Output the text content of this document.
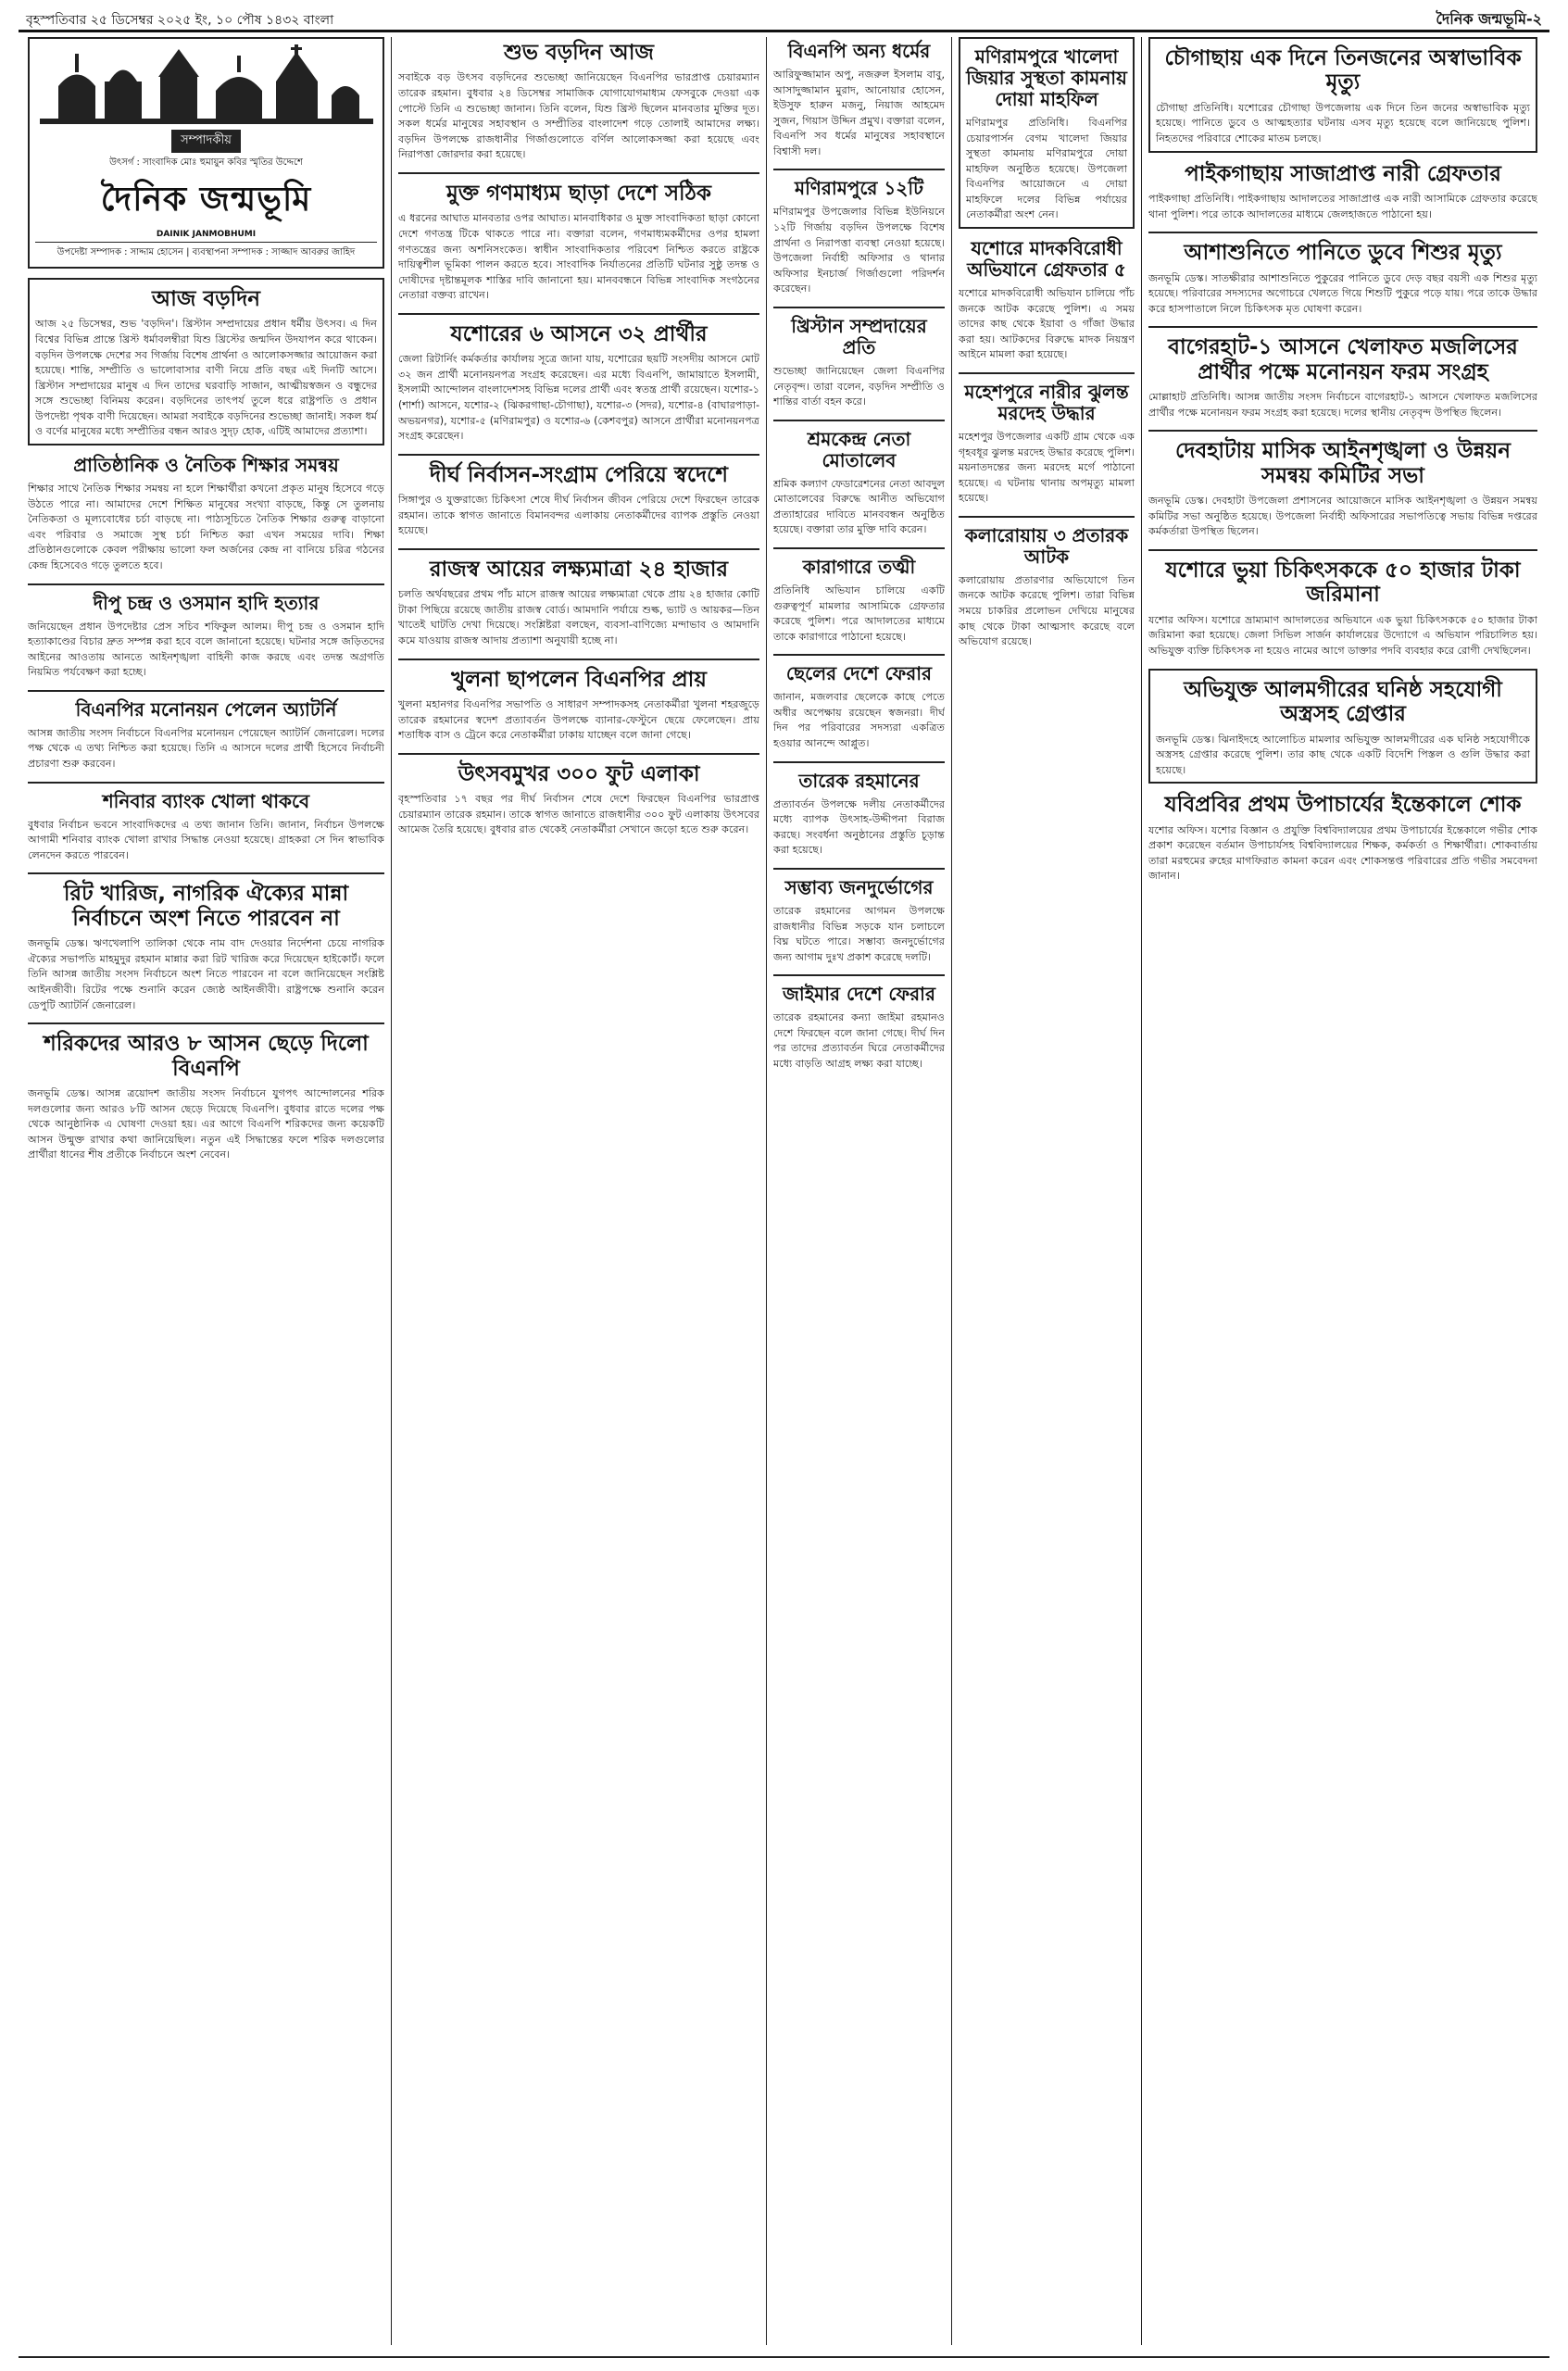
বৃহস্পতিবার ২৫ ডিসেম্বর ২০২৫ ইং, ১০ পৌষ ১৪৩২ বাংলা	দৈনিক জন্মভূমি-২
সম্পাদকীয়
উৎসর্গ : সাংবাদিক মোঃ হুমায়ুন কবির স্মৃতির উদ্দেশে
দৈনিক জন্মভূমি
DAINIK JANMOBHUMI
উপদেষ্টা সম্পাদক : সাদ্দাম হোসেন | ব্যবস্থাপনা সম্পাদক : সাজ্জাদ আবরুর জাহিদ
আজ বড়দিন

আজ ২৫ ডিসেম্বর, শুভ 'বড়দিন'। খ্রিস্টান সম্প্রদায়ের প্রধান ধর্মীয় উৎসব। এ দিন বিশ্বের বিভিন্ন প্রান্তে খ্রিস্ট ধর্মাবলম্বীরা যিশু খ্রিস্টের জন্মদিন উদযাপন করে থাকেন। বড়দিন উপলক্ষে দেশের সব গির্জায় বিশেষ প্রার্থনা ও আলোকসজ্জার আয়োজন করা হয়েছে। শান্তি, সম্প্রীতি ও ভালোবাসার বাণী নিয়ে প্রতি বছর এই দিনটি আসে। খ্রিস্টান সম্প্রদায়ের মানুষ এ দিন তাদের ঘরবাড়ি সাজান, আত্মীয়স্বজন ও বন্ধুদের সঙ্গে শুভেচ্ছা বিনিময় করেন। বড়দিনের তাৎপর্য তুলে ধরে রাষ্ট্রপতি ও প্রধান উপদেষ্টা পৃথক বাণী দিয়েছেন। আমরা সবাইকে বড়দিনের শুভেচ্ছা জানাই। সকল ধর্ম ও বর্ণের মানুষের মধ্যে সম্প্রীতির বন্ধন আরও সুদৃঢ় হোক, এটিই আমাদের প্রত্যাশা।

প্রাতিষ্ঠানিক ও নৈতিক শিক্ষার সমন্বয়

শিক্ষার সাথে নৈতিক শিক্ষার সমন্বয় না হলে শিক্ষার্থীরা কখনো প্রকৃত মানুষ হিসেবে গড়ে উঠতে পারে না। আমাদের দেশে শিক্ষিত মানুষের সংখ্যা বাড়ছে, কিন্তু সে তুলনায় নৈতিকতা ও মূল্যবোধের চর্চা বাড়ছে না। পাঠ্যসূচিতে নৈতিক শিক্ষার গুরুত্ব বাড়ানো এবং পরিবার ও সমাজে সুস্থ চর্চা নিশ্চিত করা এখন সময়ের দাবি। শিক্ষা প্রতিষ্ঠানগুলোকে কেবল পরীক্ষায় ভালো ফল অর্জনের কেন্দ্র না বানিয়ে চরিত্র গঠনের কেন্দ্র হিসেবেও গড়ে তুলতে হবে।

দীপু চন্দ্র ও ওসমান হাদি হত্যার

জনিয়েছেন প্রধান উপদেষ্টার প্রেস সচিব শফিকুল আলম। দীপু চন্দ্র ও ওসমান হাদি হত্যাকাণ্ডের বিচার দ্রুত সম্পন্ন করা হবে বলে জানানো হয়েছে। ঘটনার সঙ্গে জড়িতদের আইনের আওতায় আনতে আইনশৃঙ্খলা বাহিনী কাজ করছে এবং তদন্ত অগ্রগতি নিয়মিত পর্যবেক্ষণ করা হচ্ছে।

বিএনপির মনোনয়ন পেলেন অ্যাটর্নি

আসন্ন জাতীয় সংসদ নির্বাচনে বিএনপির মনোনয়ন পেয়েছেন অ্যাটর্নি জেনারেল। দলের পক্ষ থেকে এ তথ্য নিশ্চিত করা হয়েছে। তিনি এ আসনে দলের প্রার্থী হিসেবে নির্বাচনী প্রচারণা শুরু করবেন।

শনিবার ব্যাংক খোলা থাকবে

বুধবার নির্বাচন ভবনে সাংবাদিকদের এ তথ্য জানান তিনি। জানান, নির্বাচন উপলক্ষে আগামী শনিবার ব্যাংক খোলা রাখার সিদ্ধান্ত নেওয়া হয়েছে। গ্রাহকরা সে দিন স্বাভাবিক লেনদেন করতে পারবেন।

রিট খারিজ, নাগরিক ঐক্যের মান্না নির্বাচনে অংশ নিতে পারবেন না

জনভূমি ডেস্ক। ঋণখেলাপি তালিকা থেকে নাম বাদ দেওয়ার নির্দেশনা চেয়ে নাগরিক ঐক্যের সভাপতি মাহমুদুর রহমান মান্নার করা রিট খারিজ করে দিয়েছেন হাইকোর্ট। ফলে তিনি আসন্ন জাতীয় সংসদ নির্বাচনে অংশ নিতে পারবেন না বলে জানিয়েছেন সংশ্লিষ্ট আইনজীবী। রিটের পক্ষে শুনানি করেন জ্যেষ্ঠ আইনজীবী। রাষ্ট্রপক্ষে শুনানি করেন ডেপুটি অ্যাটর্নি জেনারেল।

শরিকদের আরও ৮ আসন ছেড়ে দিলো বিএনপি

জনভূমি ডেস্ক। আসন্ন ত্রয়োদশ জাতীয় সংসদ নির্বাচনে যুগপৎ আন্দোলনের শরিক দলগুলোর জন্য আরও ৮টি আসন ছেড়ে দিয়েছে বিএনপি। বুধবার রাতে দলের পক্ষ থেকে আনুষ্ঠানিক এ ঘোষণা দেওয়া হয়। এর আগে বিএনপি শরিকদের জন্য কয়েকটি আসন উন্মুক্ত রাখার কথা জানিয়েছিল। নতুন এই সিদ্ধান্তের ফলে শরিক দলগুলোর প্রার্থীরা ধানের শীষ প্রতীকে নির্বাচনে অংশ নেবেন।

শুভ বড়দিন আজ

সবাইকে বড় উৎসব বড়দিনের শুভেচ্ছা জানিয়েছেন বিএনপির ভারপ্রাপ্ত চেয়ারম্যান তারেক রহমান। বুধবার ২৪ ডিসেম্বর সামাজিক যোগাযোগমাধ্যম ফেসবুকে দেওয়া এক পোস্টে তিনি এ শুভেচ্ছা জানান। তিনি বলেন, যিশু খ্রিস্ট ছিলেন মানবতার মুক্তির দূত। সকল ধর্মের মানুষের সহাবস্থান ও সম্প্রীতির বাংলাদেশ গড়ে তোলাই আমাদের লক্ষ্য। বড়দিন উপলক্ষে রাজধানীর গির্জাগুলোতে বর্ণিল আলোকসজ্জা করা হয়েছে এবং নিরাপত্তা জোরদার করা হয়েছে।

মুক্ত গণমাধ্যম ছাড়া দেশে সঠিক

এ ধরনের আঘাত মানবতার ওপর আঘাত। মানবাধিকার ও মুক্ত সাংবাদিকতা ছাড়া কোনো দেশে গণতন্ত্র টিকে থাকতে পারে না। বক্তারা বলেন, গণমাধ্যমকর্মীদের ওপর হামলা গণতন্ত্রের জন্য অশনিসংকেত। স্বাধীন সাংবাদিকতার পরিবেশ নিশ্চিত করতে রাষ্ট্রকে দায়িত্বশীল ভূমিকা পালন করতে হবে। সাংবাদিক নির্যাতনের প্রতিটি ঘটনার সুষ্ঠু তদন্ত ও দোষীদের দৃষ্টান্তমূলক শাস্তির দাবি জানানো হয়। মানববন্ধনে বিভিন্ন সাংবাদিক সংগঠনের নেতারা বক্তব্য রাখেন।

যশোরের ৬ আসনে ৩২ প্রার্থীর

জেলা রিটার্নিং কর্মকর্তার কার্যালয় সূত্রে জানা যায়, যশোরের ছয়টি সংসদীয় আসনে মোট ৩২ জন প্রার্থী মনোনয়নপত্র সংগ্রহ করেছেন। এর মধ্যে বিএনপি, জামায়াতে ইসলামী, ইসলামী আন্দোলন বাংলাদেশসহ বিভিন্ন দলের প্রার্থী এবং স্বতন্ত্র প্রার্থী রয়েছেন। যশোর-১ (শার্শা) আসনে, যশোর-২ (ঝিকরগাছা-চৌগাছা), যশোর-৩ (সদর), যশোর-৪ (বাঘারপাড়া-অভয়নগর), যশোর-৫ (মণিরামপুর) ও যশোর-৬ (কেশবপুর) আসনে প্রার্থীরা মনোনয়নপত্র সংগ্রহ করেছেন।

দীর্ঘ নির্বাসন-সংগ্রাম পেরিয়ে স্বদেশে

সিঙ্গাপুর ও যুক্তরাজ্যে চিকিৎসা শেষে দীর্ঘ নির্বাসন জীবন পেরিয়ে দেশে ফিরছেন তারেক রহমান। তাকে স্বাগত জানাতে বিমানবন্দর এলাকায় নেতাকর্মীদের ব্যাপক প্রস্তুতি নেওয়া হয়েছে।

রাজস্ব আয়ের লক্ষ্যমাত্রা ২৪ হাজার

চলতি অর্থবছরের প্রথম পাঁচ মাসে রাজস্ব আয়ের লক্ষ্যমাত্রা থেকে প্রায় ২৪ হাজার কোটি টাকা পিছিয়ে রয়েছে জাতীয় রাজস্ব বোর্ড। আমদানি পর্যায়ে শুল্ক, ভ্যাট ও আয়কর—তিন খাতেই ঘাটতি দেখা দিয়েছে। সংশ্লিষ্টরা বলছেন, ব্যবসা-বাণিজ্যে মন্দাভাব ও আমদানি কমে যাওয়ায় রাজস্ব আদায় প্রত্যাশা অনুযায়ী হচ্ছে না।

খুলনা ছাপলেন বিএনপির প্রায়

খুলনা মহানগর বিএনপির সভাপতি ও সাধারণ সম্পাদকসহ নেতাকর্মীরা খুলনা শহরজুড়ে তারেক রহমানের স্বদেশ প্রত্যাবর্তন উপলক্ষে ব্যানার-ফেস্টুনে ছেয়ে ফেলেছেন। প্রায় শতাধিক বাস ও ট্রেনে করে নেতাকর্মীরা ঢাকায় যাচ্ছেন বলে জানা গেছে।

উৎসবমুখর ৩০০ ফুট এলাকা

বৃহস্পতিবার ১৭ বছর পর দীর্ঘ নির্বাসন শেষে দেশে ফিরছেন বিএনপির ভারপ্রাপ্ত চেয়ারম্যান তারেক রহমান। তাকে স্বাগত জানাতে রাজধানীর ৩০০ ফুট এলাকায় উৎসবের আমেজ তৈরি হয়েছে। বুধবার রাত থেকেই নেতাকর্মীরা সেখানে জড়ো হতে শুরু করেন।

বিএনপি অন্য ধর্মের

আরিফুজ্জামান অপু, নজরুল ইসলাম বাবু, আসাদুজ্জামান মুরাদ, আনোয়ার হোসেন, ইউসুফ হারুন মজনু, নিয়াজ আহমেদ সুজন, গিয়াস উদ্দিন প্রমুখ। বক্তারা বলেন, বিএনপি সব ধর্মের মানুষের সহাবস্থানে বিশ্বাসী দল।

মণিরামপুরে ১২টি

মণিরামপুর উপজেলার বিভিন্ন ইউনিয়নে ১২টি গির্জায় বড়দিন উপলক্ষে বিশেষ প্রার্থনা ও নিরাপত্তা ব্যবস্থা নেওয়া হয়েছে। উপজেলা নির্বাহী অফিসার ও থানার অফিসার ইনচার্জ গির্জাগুলো পরিদর্শন করেছেন।

খ্রিস্টান সম্প্রদায়ের প্রতি

শুভেচ্ছা জানিয়েছেন জেলা বিএনপির নেতৃবৃন্দ। তারা বলেন, বড়দিন সম্প্রীতি ও শান্তির বার্তা বহন করে।

শ্রমকেন্দ্র নেতা মোতালেব

শ্রমিক কল্যাণ ফেডারেশনের নেতা আবদুল মোতালেবের বিরুদ্ধে আনীত অভিযোগ প্রত্যাহারের দাবিতে মানববন্ধন অনুষ্ঠিত হয়েছে। বক্তারা তার মুক্তি দাবি করেন।

কারাগারে তত্মী

প্রতিনিধি অভিযান চালিয়ে একটি গুরুত্বপূর্ণ মামলার আসামিকে গ্রেফতার করেছে পুলিশ। পরে আদালতের মাধ্যমে তাকে কারাগারে পাঠানো হয়েছে।

ছেলের দেশে ফেরার

জানান, মজলবার ছেলেকে কাছে পেতে অধীর অপেক্ষায় রয়েছেন স্বজনরা। দীর্ঘ দিন পর পরিবারের সদস্যরা একত্রিত হওয়ার আনন্দে আপ্লুত।

তারেক রহমানের

প্রত্যাবর্তন উপলক্ষে দলীয় নেতাকর্মীদের মধ্যে ব্যাপক উৎসাহ-উদ্দীপনা বিরাজ করছে। সংবর্ধনা অনুষ্ঠানের প্রস্তুতি চূড়ান্ত করা হয়েছে।

সম্ভাব্য জনদুর্ভোগের

তারেক রহমানের আগমন উপলক্ষে রাজধানীর বিভিন্ন সড়কে যান চলাচলে বিঘ্ন ঘটতে পারে। সম্ভাব্য জনদুর্ভোগের জন্য আগাম দুঃখ প্রকাশ করেছে দলটি।

জাইমার দেশে ফেরার

তারেক রহমানের কন্যা জাইমা রহমানও দেশে ফিরছেন বলে জানা গেছে। দীর্ঘ দিন পর তাদের প্রত্যাবর্তন ঘিরে নেতাকর্মীদের মধ্যে বাড়তি আগ্রহ লক্ষ্য করা যাচ্ছে।

মণিরামপুরে খালেদা জিয়ার সুস্থতা কামনায় দোয়া মাহফিল

মণিরামপুর প্রতিনিধি। বিএনপির চেয়ারপার্সন বেগম খালেদা জিয়ার সুস্থতা কামনায় মণিরামপুরে দোয়া মাহফিল অনুষ্ঠিত হয়েছে। উপজেলা বিএনপির আয়োজনে এ দোয়া মাহফিলে দলের বিভিন্ন পর্যায়ের নেতাকর্মীরা অংশ নেন।

যশোরে মাদকবিরোধী অভিযানে গ্রেফতার ৫

যশোরে মাদকবিরোধী অভিযান চালিয়ে পাঁচ জনকে আটক করেছে পুলিশ। এ সময় তাদের কাছ থেকে ইয়াবা ও গাঁজা উদ্ধার করা হয়। আটকদের বিরুদ্ধে মাদক নিয়ন্ত্রণ আইনে মামলা করা হয়েছে।

মহেশপুরে নারীর ঝুলন্ত মরদেহ উদ্ধার

মহেশপুর উপজেলার একটি গ্রাম থেকে এক গৃহবধূর ঝুলন্ত মরদেহ উদ্ধার করেছে পুলিশ। ময়নাতদন্তের জন্য মরদেহ মর্গে পাঠানো হয়েছে। এ ঘটনায় থানায় অপমৃত্যু মামলা হয়েছে।

কলারোয়ায় ৩ প্রতারক আটক

কলারোয়ায় প্রতারণার অভিযোগে তিন জনকে আটক করেছে পুলিশ। তারা বিভিন্ন সময়ে চাকরির প্রলোভন দেখিয়ে মানুষের কাছ থেকে টাকা আত্মসাৎ করেছে বলে অভিযোগ রয়েছে।

চৌগাছায় এক দিনে তিনজনের অস্বাভাবিক মৃত্যু

চৌগাছা প্রতিনিধি। যশোরের চৌগাছা উপজেলায় এক দিনে তিন জনের অস্বাভাবিক মৃত্যু হয়েছে। পানিতে ডুবে ও আত্মহত্যার ঘটনায় এসব মৃত্যু হয়েছে বলে জানিয়েছে পুলিশ। নিহতদের পরিবারে শোকের মাতম চলছে।

পাইকগাছায় সাজাপ্রাপ্ত নারী গ্রেফতার

পাইকগাছা প্রতিনিধি। পাইকগাছায় আদালতের সাজাপ্রাপ্ত এক নারী আসামিকে গ্রেফতার করেছে থানা পুলিশ। পরে তাকে আদালতের মাধ্যমে জেলহাজতে পাঠানো হয়।

আশাশুনিতে পানিতে ডুবে শিশুর মৃত্যু

জনভূমি ডেস্ক। সাতক্ষীরার আশাশুনিতে পুকুরের পানিতে ডুবে দেড় বছর বয়সী এক শিশুর মৃত্যু হয়েছে। পরিবারের সদস্যদের অগোচরে খেলতে গিয়ে শিশুটি পুকুরে পড়ে যায়। পরে তাকে উদ্ধার করে হাসপাতালে নিলে চিকিৎসক মৃত ঘোষণা করেন।

বাগেরহাট-১ আসনে খেলাফত মজলিসের প্রার্থীর পক্ষে মনোনয়ন ফরম সংগ্রহ

মোল্লাহাট প্রতিনিধি। আসন্ন জাতীয় সংসদ নির্বাচনে বাগেরহাট-১ আসনে খেলাফত মজলিসের প্রার্থীর পক্ষে মনোনয়ন ফরম সংগ্রহ করা হয়েছে। দলের স্থানীয় নেতৃবৃন্দ উপস্থিত ছিলেন।

দেবহাটায় মাসিক আইনশৃঙ্খলা ও উন্নয়ন সমন্বয় কমিটির সভা

জনভূমি ডেস্ক। দেবহাটা উপজেলা প্রশাসনের আয়োজনে মাসিক আইনশৃঙ্খলা ও উন্নয়ন সমন্বয় কমিটির সভা অনুষ্ঠিত হয়েছে। উপজেলা নির্বাহী অফিসারের সভাপতিত্বে সভায় বিভিন্ন দপ্তরের কর্মকর্তারা উপস্থিত ছিলেন।

যশোরে ভুয়া চিকিৎসককে ৫০ হাজার টাকা জরিমানা

যশোর অফিস। যশোরে ভ্রাম্যমাণ আদালতের অভিযানে এক ভুয়া চিকিৎসককে ৫০ হাজার টাকা জরিমানা করা হয়েছে। জেলা সিভিল সার্জন কার্যালয়ের উদ্যোগে এ অভিযান পরিচালিত হয়। অভিযুক্ত ব্যক্তি চিকিৎসক না হয়েও নামের আগে ডাক্তার পদবি ব্যবহার করে রোগী দেখছিলেন।

অভিযুক্ত আলমগীরের ঘনিষ্ঠ সহযোগী অস্ত্রসহ গ্রেপ্তার

জনভূমি ডেস্ক। ঝিনাইদহে আলোচিত মামলার অভিযুক্ত আলমগীরের এক ঘনিষ্ঠ সহযোগীকে অস্ত্রসহ গ্রেপ্তার করেছে পুলিশ। তার কাছ থেকে একটি বিদেশি পিস্তল ও গুলি উদ্ধার করা হয়েছে।

যবিপ্রবির প্রথম উপাচার্যের ইন্তেকালে শোক

যশোর অফিস। যশোর বিজ্ঞান ও প্রযুক্তি বিশ্ববিদ্যালয়ের প্রথম উপাচার্যের ইন্তেকালে গভীর শোক প্রকাশ করেছেন বর্তমান উপাচার্যসহ বিশ্ববিদ্যালয়ের শিক্ষক, কর্মকর্তা ও শিক্ষার্থীরা। শোকবার্তায় তারা মরহুমের রুহের মাগফিরাত কামনা করেন এবং শোকসন্তপ্ত পরিবারের প্রতি গভীর সমবেদনা জানান।
